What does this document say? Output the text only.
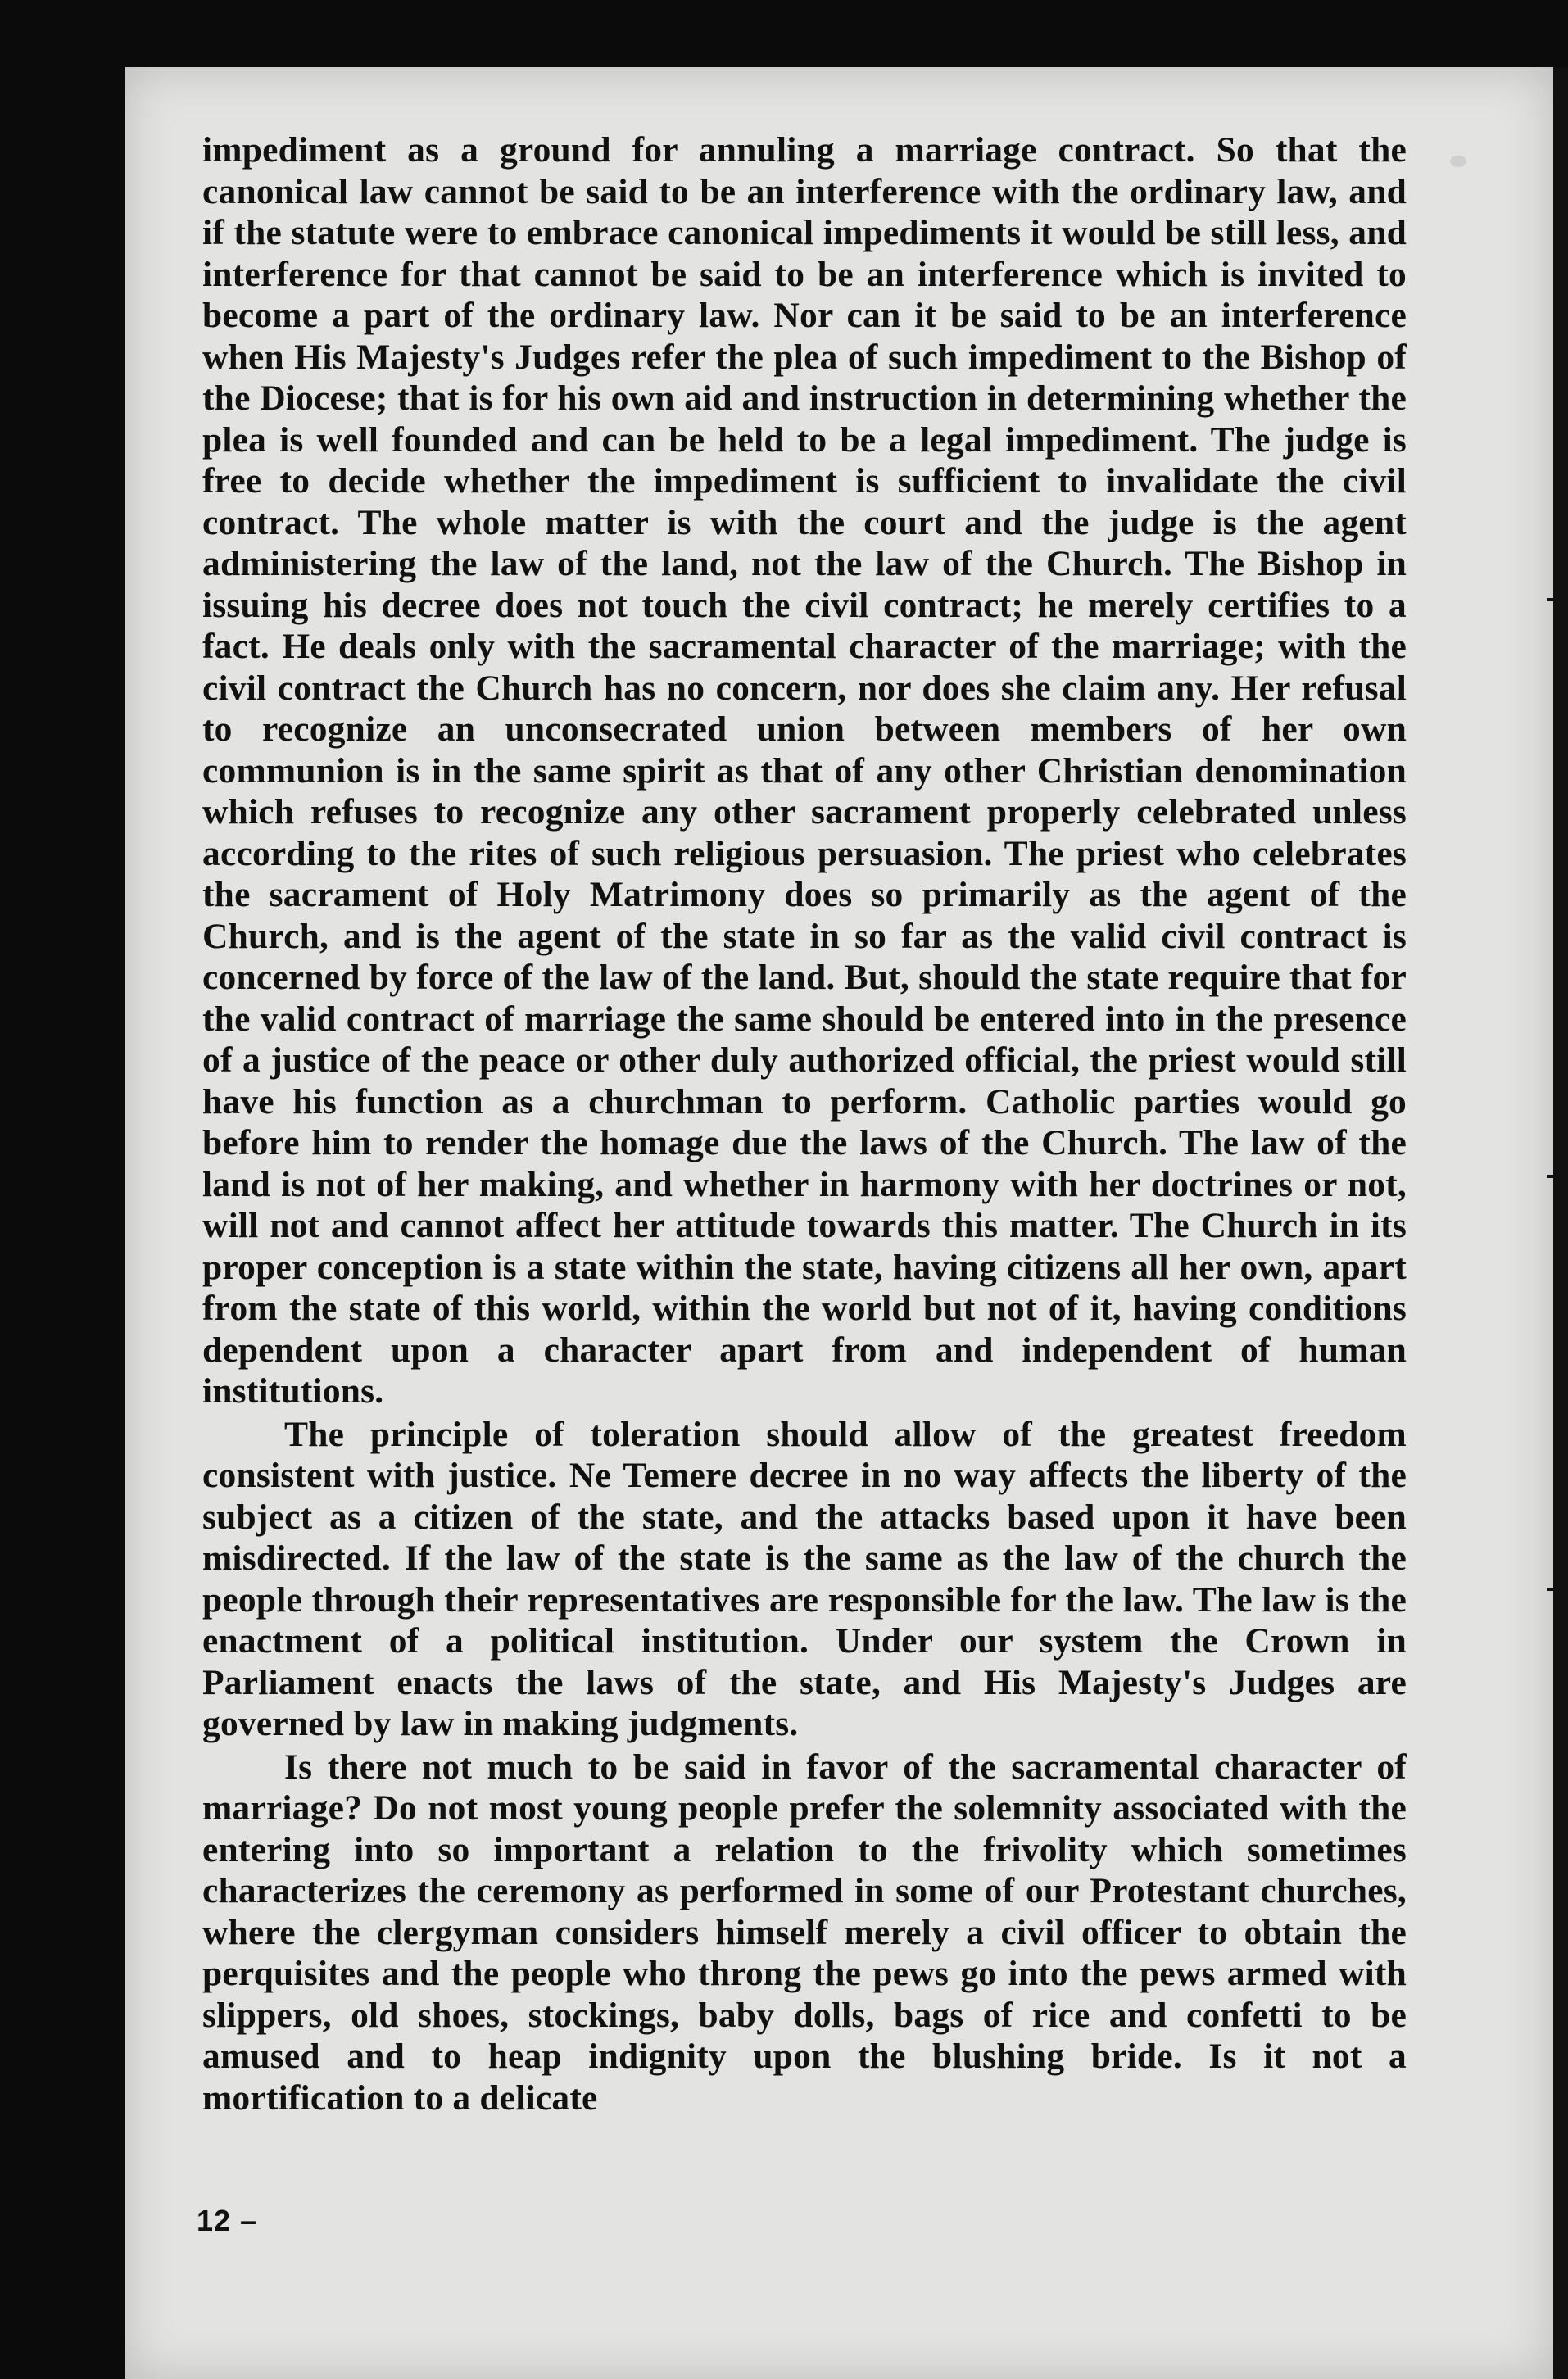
impediment as a ground for annuling a marriage contract. So that the canonical law cannot be said to be an interference with the ordinary law, and if the statute were to embrace canonical impediments it would be still less, and interference for that cannot be said to be an interference which is invited to become a part of the ordinary law. Nor can it be said to be an interference when His Majesty's Judges refer the plea of such impediment to the Bishop of the Diocese; that is for his own aid and instruction in determining whether the plea is well founded and can be held to be a legal impediment. The judge is free to decide whether the impediment is sufficient to invalidate the civil contract. The whole matter is with the court and the judge is the agent administering the law of the land, not the law of the Church. The Bishop in issuing his decree does not touch the civil contract; he merely certifies to a fact. He deals only with the sacramental character of the marriage; with the civil contract the Church has no concern, nor does she claim any. Her refusal to recognize an unconsecrated union between members of her own communion is in the same spirit as that of any other Christian denomination which refuses to recognize any other sacrament properly celebrated unless according to the rites of such religious persuasion. The priest who celebrates the sacrament of Holy Matrimony does so primarily as the agent of the Church, and is the agent of the state in so far as the valid civil contract is concerned by force of the law of the land. But, should the state require that for the valid contract of marriage the same should be entered into in the presence of a justice of the peace or other duly authorized official, the priest would still have his function as a churchman to perform. Catholic parties would go before him to render the homage due the laws of the Church. The law of the land is not of her making, and whether in harmony with her doctrines or not, will not and cannot affect her attitude towards this matter. The Church in its proper conception is a state within the state, having citizens all her own, apart from the state of this world, within the world but not of it, having conditions dependent upon a character apart from and independent of human institutions.

The principle of toleration should allow of the greatest freedom consistent with justice. Ne Temere decree in no way affects the liberty of the subject as a citizen of the state, and the attacks based upon it have been misdirected. If the law of the state is the same as the law of the church the people through their representatives are responsible for the law. The law is the enactment of a political institution. Under our system the Crown in Parliament enacts the laws of the state, and His Majesty's Judges are governed by law in making judgments.

Is there not much to be said in favor of the sacramental character of marriage? Do not most young people prefer the solemnity associated with the entering into so important a relation to the frivolity which sometimes characterizes the ceremony as performed in some of our Protestant churches, where the clergyman considers himself merely a civil officer to obtain the perquisites and the people who throng the pews go into the pews armed with slippers, old shoes, stockings, baby dolls, bags of rice and confetti to be amused and to heap indignity upon the blushing bride. Is it not a mortification to a delicate

12 –
